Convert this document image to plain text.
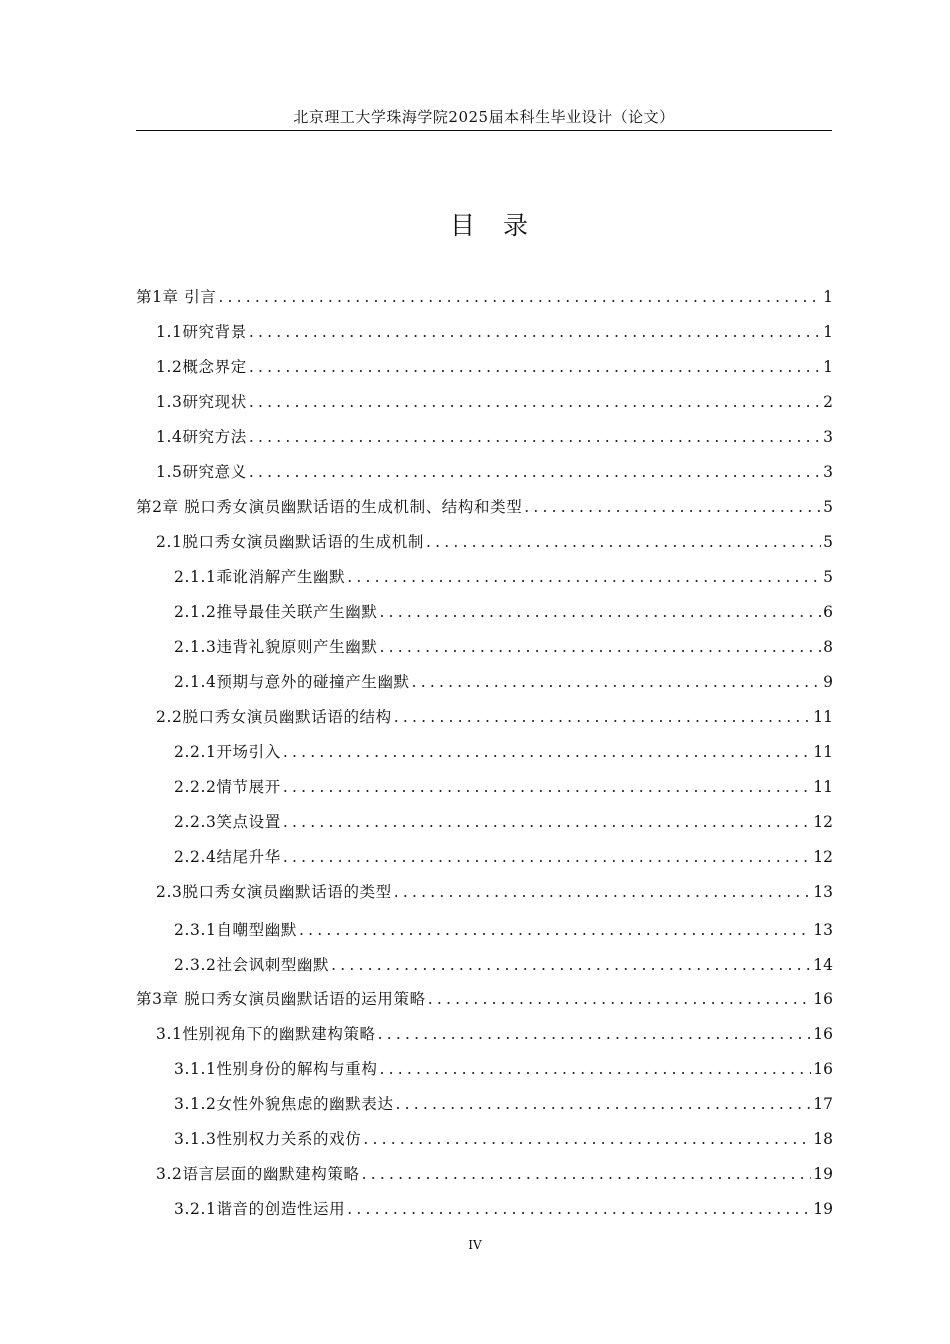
北京理工大学珠海学院2025届本科生毕业设计（论文）
目录
第1章 引言 .....	1
1.1研究背景 .....	1
1.2概念界定 .....	1
1.3研究现状 .....	2
1.4研究方法 .....	3
1.5研究意义 .....	3
第2章 脱口秀女演员幽默话语的生成机制、结构和类型 .....	5
2.1脱口秀女演员幽默话语的生成机制 .....	5
2.1.1乖讹消解产生幽默 .....	5
2.1.2推导最佳关联产生幽默 .....	6
2.1.3违背礼貌原则产生幽默 .....	8
2.1.4预期与意外的碰撞产生幽默 .....	9
2.2脱口秀女演员幽默话语的结构 .....	11
2.2.1开场引入 .....	11
2.2.2情节展开 .....	11
2.2.3笑点设置 .....	12
2.2.4结尾升华 .....	12
2.3脱口秀女演员幽默话语的类型 .....	13
2.3.1自嘲型幽默 .....	13
2.3.2社会讽刺型幽默 .....	14
第3章 脱口秀女演员幽默话语的运用策略 .....	16
3.1性别视角下的幽默建构策略 .....	16
3.1.1性别身份的解构与重构 .....	16
3.1.2女性外貌焦虑的幽默表达 .....	17
3.1.3性别权力关系的戏仿 .....	18
3.2语言层面的幽默建构策略 .....	19
3.2.1谐音的创造性运用 .....	19
IV
